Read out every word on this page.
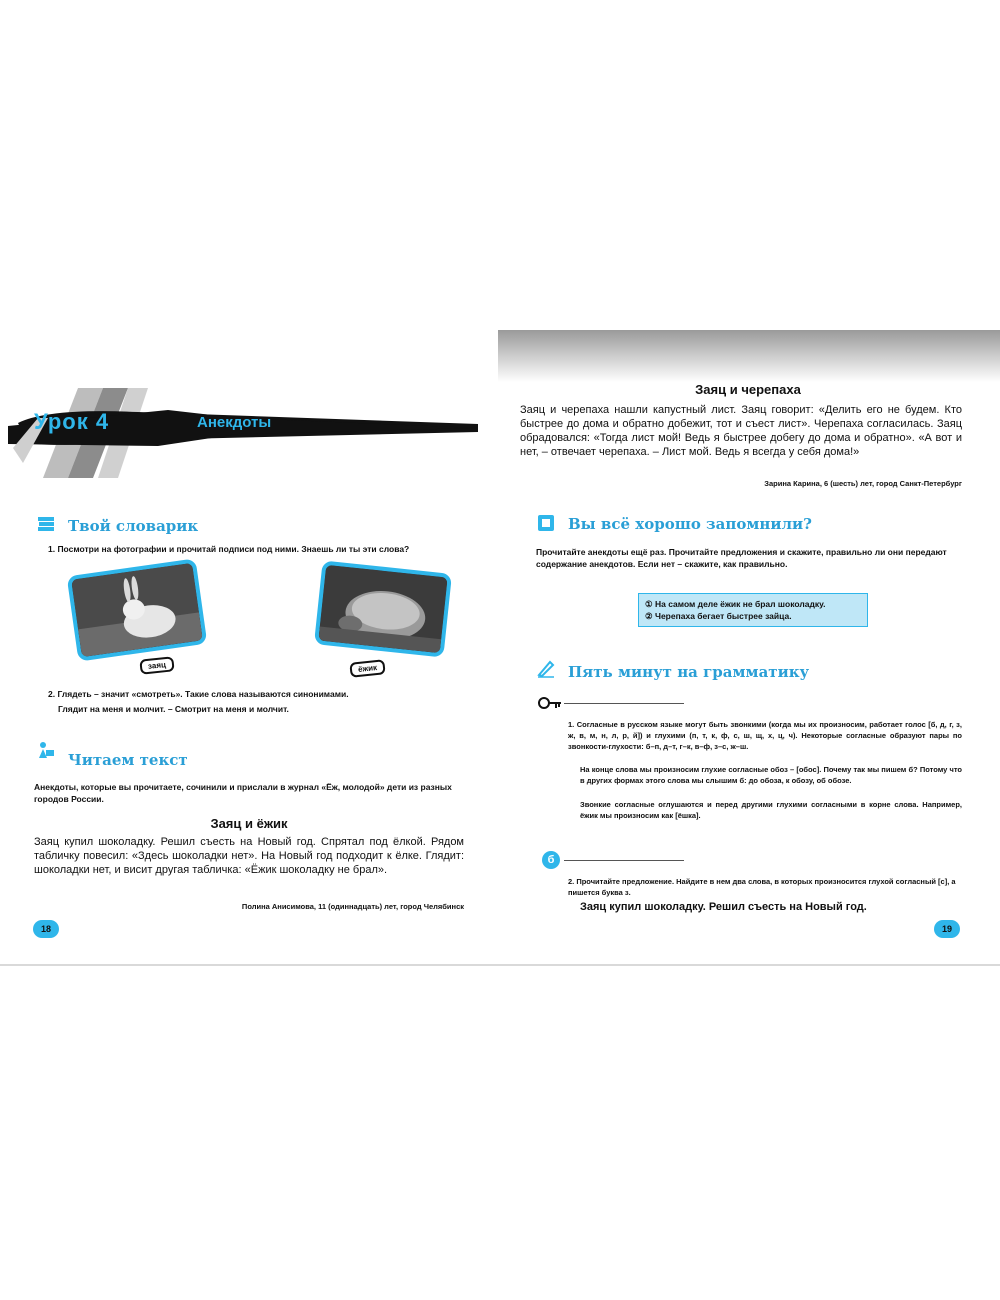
Урок 4	Анекдоты
Твой словарик
1. Посмотри на фотографии и прочитай подписи под ними. Знаешь ли ты эти слова?
заяц	ёжик
2. Глядеть – значит «смотреть». Такие слова называются синонимами.
Глядит на меня и молчит. – Смотрит на меня и молчит.
Читаем текст
Анекдоты, которые вы прочитаете, сочинили и прислали в журнал «Ёж, молодой» дети из разных городов России.
Заяц и ёжик
Заяц купил шоколадку. Решил съесть на Новый год. Спрятал под ёлкой. Рядом табличку повесил: «Здесь шоколадки нет». На Новый год подходит к ёлке. Глядит: шоколадки нет, и висит другая табличка: «Ёжик шоколадку не брал».
Полина Анисимова, 11 (одиннадцать) лет, город Челябинск
18
Заяц и черепаха
Заяц и черепаха нашли капустный лист. Заяц говорит: «Делить его не будем. Кто быстрее до дома и обратно добежит, тот и съест лист». Черепаха согласилась. Заяц обрадовался: «Тогда лист мой! Ведь я быстрее добегу до дома и обратно». «А вот и нет, – отвечает черепаха. – Лист мой. Ведь я всегда у себя дома!»
Зарина Карина, 6 (шесть) лет, город Санкт-Петербург
Вы всё хорошо запомнили?
Прочитайте анекдоты ещё раз. Прочитайте предложения и скажите, правильно ли они передают содержание анекдотов. Если нет – скажите, как правильно.
① На самом деле ёжик не брал шоколадку.
② Черепаха бегает быстрее зайца.
Пять минут на грамматику
1. Согласные в русском языке могут быть звонкими (когда мы их произносим, работает голос [б, д, г, з, ж, в, м, н, л, р, й]) и глухими (п, т, к, ф, с, ш, щ, х, ц, ч). Некоторые согласные образуют пары по звонкости-глухости: б–п, д–т, г–к, в–ф, з–с, ж–ш.
На конце слова мы произносим глухие согласные обоз – [обос]. Почему так мы пишем б? Потому что в других формах этого слова мы слышим б: до обоза, к обозу, об обозе.
Звонкие согласные оглушаются и перед другими глухими согласными в корне слова. Например, ёжик мы произносим как [ёшка].
б
2. Прочитайте предложение. Найдите в нем два слова, в которых произносится глухой согласный [с], а пишется буква з.
Заяц купил шоколадку. Решил съесть на Новый год.
19
